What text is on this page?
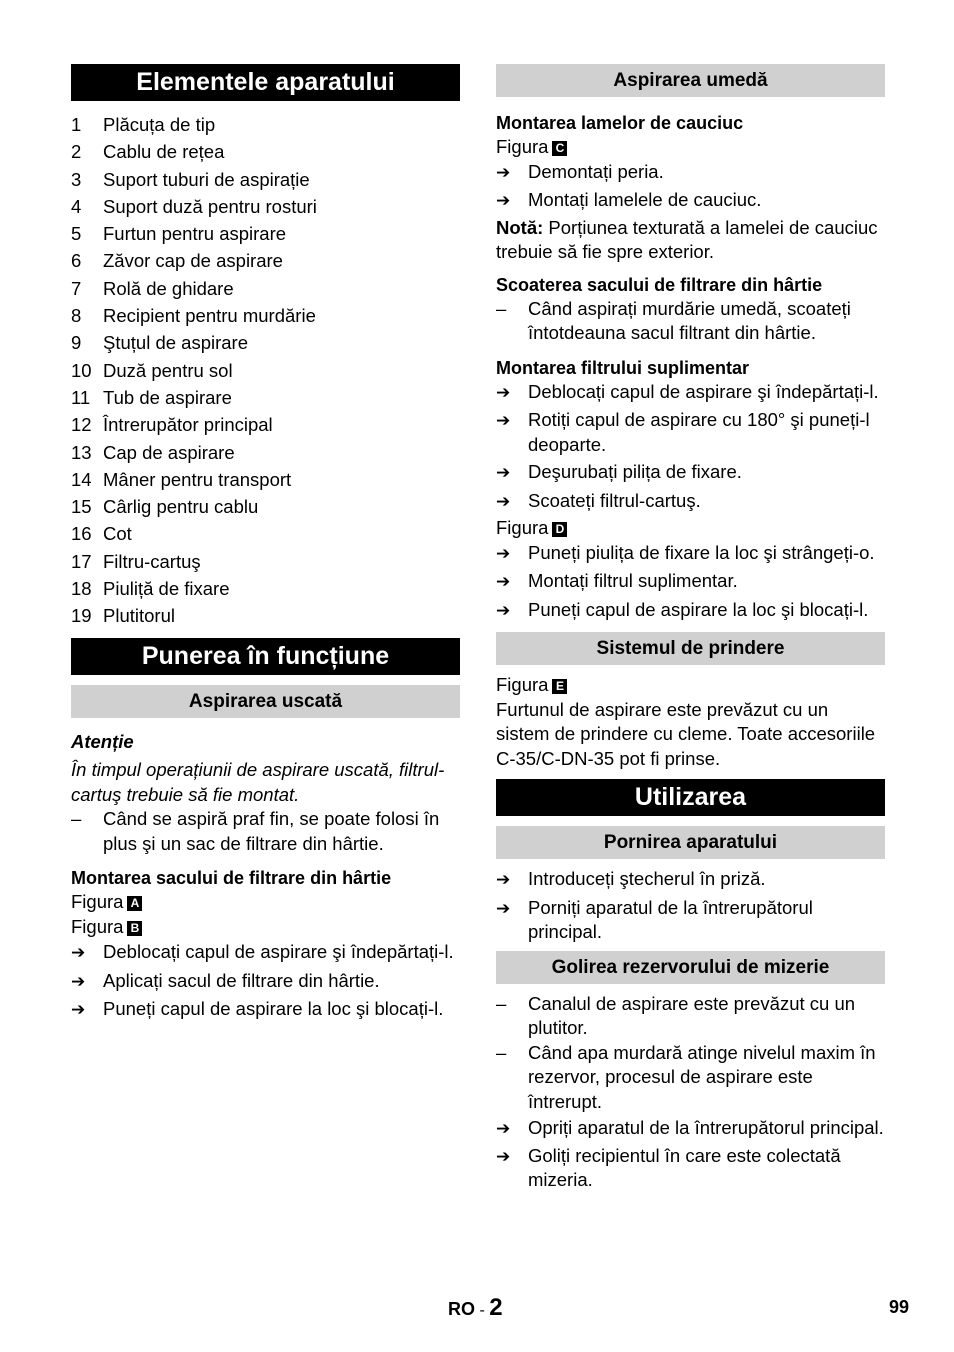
Elementele aparatului
1	Plăcuța de tip
2	Cablu de rețea
3	Suport tuburi de aspirație
4	Suport duză pentru rosturi
5	Furtun pentru aspirare
6	Zăvor cap de aspirare
7	Rolă de ghidare
8	Recipient pentru murdărie
9	Ştuțul de aspirare
10 Duză pentru sol
11 Tub de aspirare
12 Întrerupător principal
13 Cap de aspirare
14 Mâner pentru transport
15 Cârlig pentru cablu
16 Cot
17 Filtru-cartuş
18 Piuliță de fixare
19 Plutitorul
Punerea în funcțiune
Aspirarea uscată
Atenție
În timpul operațiunii de aspirare uscată, filtrul-cartuş trebuie să fie montat.
–
Când se aspiră praf fin, se poate folosi în plus şi un sac de filtrare din hârtie.
Montarea sacului de filtrare din hârtie
Figura A
Figura B
➔
Deblocați capul de aspirare şi îndepărtați-l.
➔
Aplicați sacul de filtrare din hârtie.
➔
Puneți capul de aspirare la loc şi blocați-l.
Aspirarea umedă
Montarea lamelor de cauciuc
Figura C
➔
Demontați peria.
➔
Montați lamelele de cauciuc.
Notă: Porțiunea texturată a lamelei de cauciuc trebuie să fie spre exterior.
Scoaterea sacului de filtrare din hârtie
–
Când aspirați murdărie umedă, scoateți întotdeauna sacul filtrant din hârtie.
Montarea filtrului suplimentar
➔
Deblocați capul de aspirare şi îndepărtați-l.
➔
Rotiți capul de aspirare cu 180° şi puneți-l deoparte.
➔
Deşurubați pilița de fixare.
➔
Scoateți filtrul-cartuş.
Figura D
➔
Puneți piulița de fixare la loc şi strângeți-o.
➔
Montați filtrul suplimentar.
➔
Puneți capul de aspirare la loc şi blocați-l.
Sistemul de prindere
Figura E
Furtunul de aspirare este prevăzut cu un sistem de prindere cu cleme. Toate accesoriile C-35/C-DN-35 pot fi prinse.
Utilizarea
Pornirea aparatului
➔
Introduceți ştecherul în priză.
➔
Porniți aparatul de la întrerupătorul principal.
Golirea rezervorului de mizerie
–
Canalul de aspirare este prevăzut cu un plutitor.
–
Când apa murdară atinge nivelul maxim în rezervor, procesul de aspirare este întrerupt.
➔
Opriți aparatul de la întrerupătorul principal.
➔
Goliți recipientul în care este colectată mizeria.
RO - 2	99
